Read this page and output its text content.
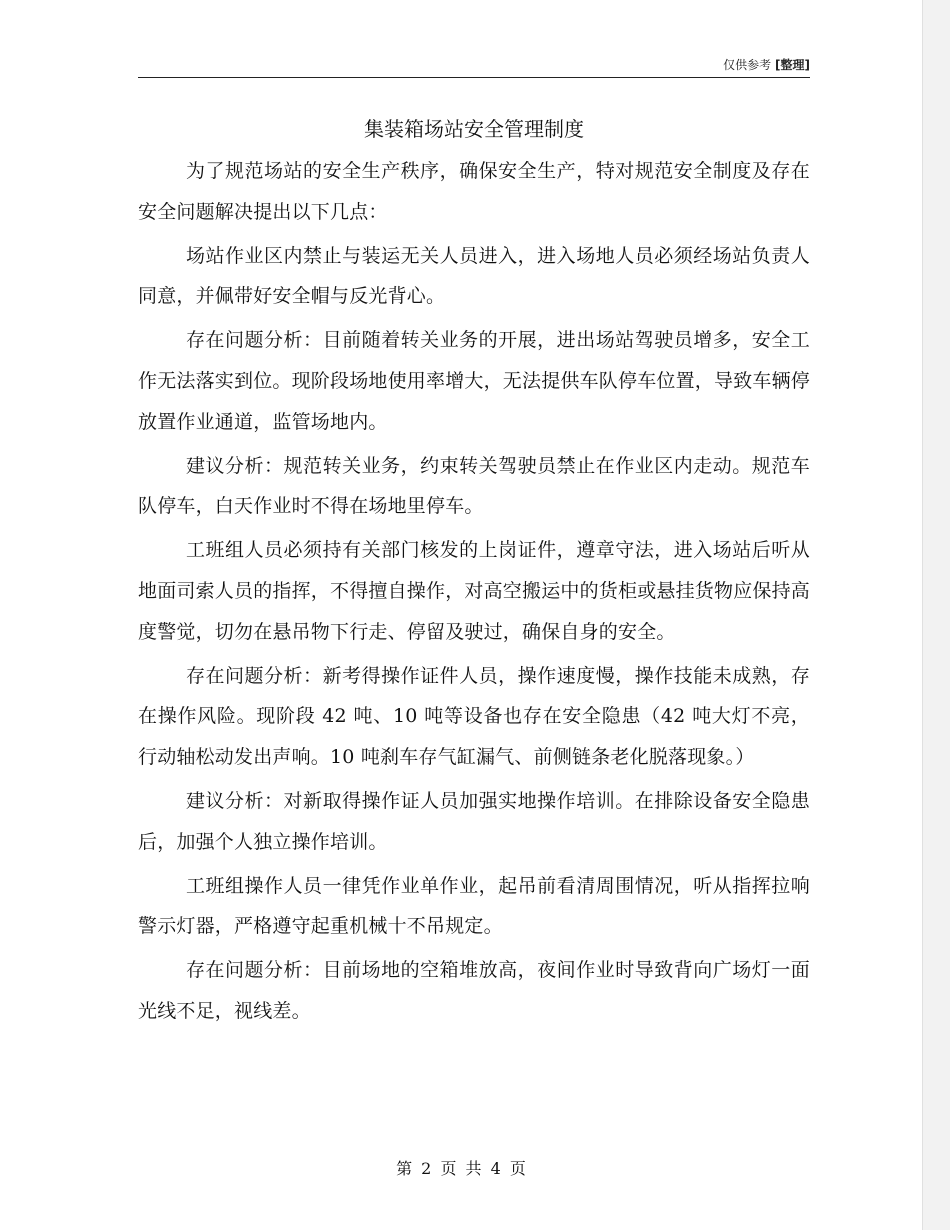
仅供参考 [整理]
集装箱场站安全管理制度

为了规范场站的安全生产秩序，确保安全生产，特对规范安全制度及存在安全问题解决提出以下几点：

场站作业区内禁止与装运无关人员进入，进入场地人员必须经场站负责人同意，并佩带好安全帽与反光背心。

存在问题分析：目前随着转关业务的开展，进出场站驾驶员增多，安全工作无法落实到位。现阶段场地使用率增大，无法提供车队停车位置，导致车辆停放置作业通道，监管场地内。

建议分析：规范转关业务，约束转关驾驶员禁止在作业区内走动。规范车队停车，白天作业时不得在场地里停车。

工班组人员必须持有关部门核发的上岗证件，遵章守法，进入场站后听从地面司索人员的指挥，不得擅自操作，对高空搬运中的货柜或悬挂货物应保持高度警觉，切勿在悬吊物下行走、停留及驶过，确保自身的安全。

存在问题分析：新考得操作证件人员，操作速度慢，操作技能未成熟，存在操作风险。现阶段 42 吨、10 吨等设备也存在安全隐患（42 吨大灯不亮，行动轴松动发出声响。10 吨刹车存气缸漏气、前侧链条老化脱落现象。）

建议分析：对新取得操作证人员加强实地操作培训。在排除设备安全隐患后，加强个人独立操作培训。

工班组操作人员一律凭作业单作业，起吊前看清周围情况，听从指挥拉响警示灯器，严格遵守起重机械十不吊规定。

存在问题分析：目前场地的空箱堆放高，夜间作业时导致背向广场灯一面光线不足，视线差。

第 2 页 共 4 页
